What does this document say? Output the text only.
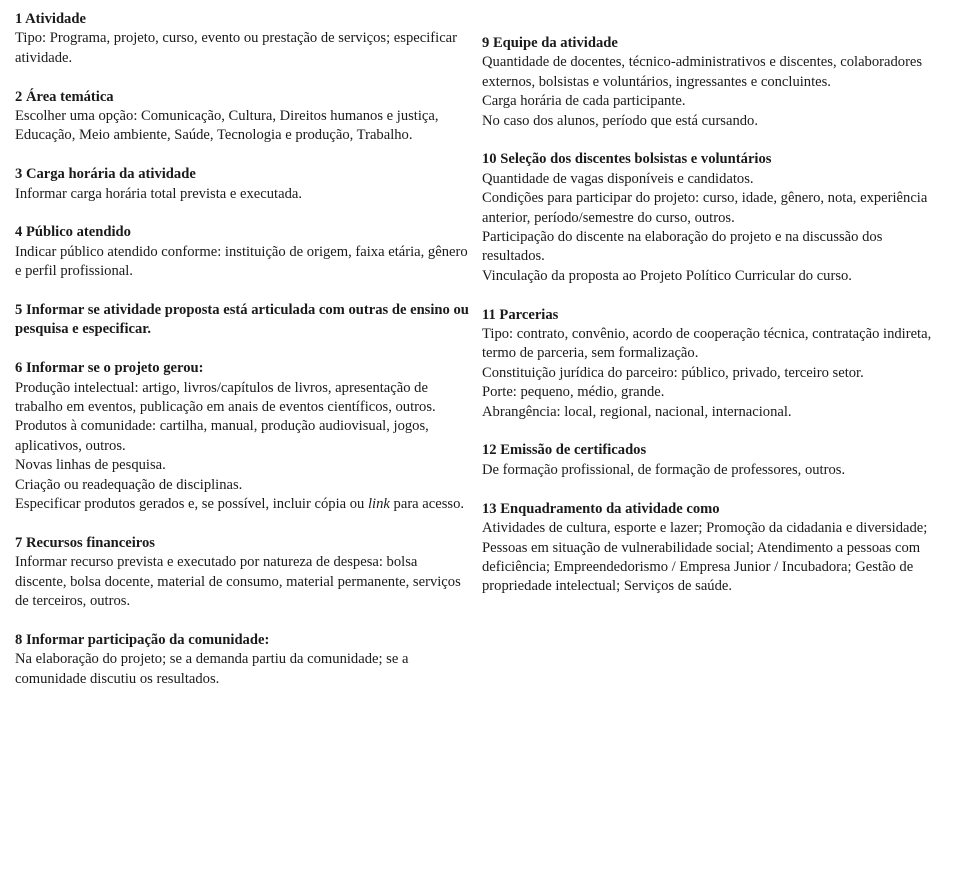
1 Atividade
Tipo: Programa, projeto, curso, evento ou prestação de serviços; especificar atividade.
2 Área temática
Escolher uma opção: Comunicação, Cultura, Direitos humanos e justiça, Educação, Meio ambiente, Saúde, Tecnologia e produção, Trabalho.
3 Carga horária da atividade
Informar carga horária total prevista e executada.
4 Público atendido
Indicar público atendido conforme: instituição de origem, faixa etária, gênero e perfil profissional.
5 Informar se atividade proposta está articulada com outras de ensino ou pesquisa e especificar.
6 Informar se o projeto gerou:
Produção intelectual: artigo, livros/capítulos de livros, apresentação de trabalho em eventos, publicação em anais de eventos científicos, outros.
Produtos à comunidade: cartilha, manual, produção audiovisual, jogos, aplicativos, outros.
Novas linhas de pesquisa.
Criação ou readequação de disciplinas.
Especificar produtos gerados e, se possível, incluir cópia ou link para acesso.
7 Recursos financeiros
Informar recurso prevista e executado por natureza de despesa: bolsa discente, bolsa docente, material de consumo, material permanente, serviços de terceiros, outros.
8 Informar participação da comunidade:
Na elaboração do projeto; se a demanda partiu da comunidade; se a comunidade discutiu os resultados.
9 Equipe da atividade
Quantidade de docentes, técnico-administrativos e discentes, colaboradores externos, bolsistas e voluntários, ingressantes e concluintes.
Carga horária de cada participante.
No caso dos alunos, período que está cursando.
10 Seleção dos discentes bolsistas e voluntários
Quantidade de vagas disponíveis e candidatos.
Condições para participar do projeto: curso, idade, gênero, nota, experiência anterior, período/semestre do curso, outros.
Participação do discente na elaboração do projeto e na discussão dos resultados.
Vinculação da proposta ao Projeto Político Curricular do curso.
11 Parcerias
Tipo: contrato, convênio, acordo de cooperação técnica, contratação indireta, termo de parceria, sem formalização.
Constituição jurídica do parceiro: público, privado, terceiro setor.
Porte: pequeno, médio, grande.
Abrangência: local, regional, nacional, internacional.
12 Emissão de certificados
De formação profissional, de formação de professores, outros.
13 Enquadramento da atividade como
Atividades de cultura, esporte e lazer; Promoção da cidadania e diversidade; Pessoas em situação de vulnerabilidade social; Atendimento a pessoas com deficiência; Empreendedorismo / Empresa Junior / Incubadora; Gestão de propriedade intelectual; Serviços de saúde.
